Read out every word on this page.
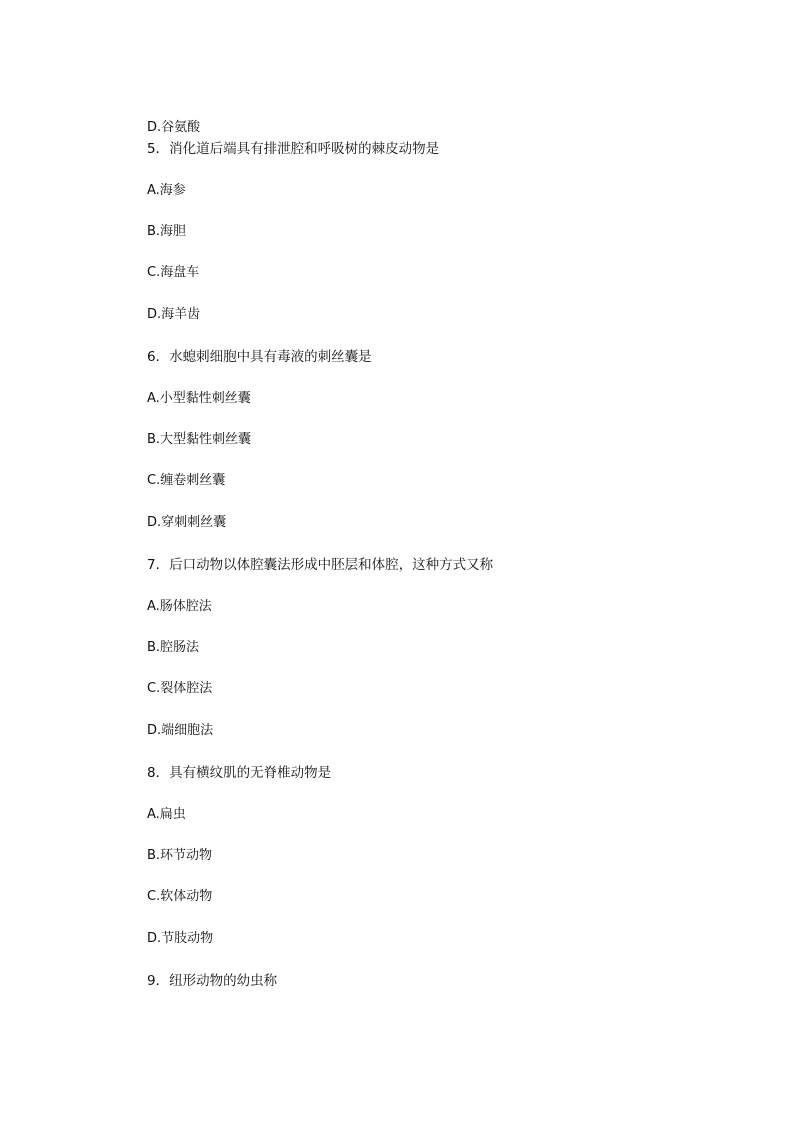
D.谷氨酸
5．消化道后端具有排泄腔和呼吸树的棘皮动物是
A.海参
B.海胆
C.海盘车
D.海羊齿
6．水螅刺细胞中具有毒液的刺丝囊是
A.小型黏性刺丝囊
B.大型黏性刺丝囊
C.缠卷刺丝囊
D.穿刺刺丝囊
7．后口动物以体腔囊法形成中胚层和体腔，这种方式又称
A.肠体腔法
B.腔肠法
C.裂体腔法
D.端细胞法
8．具有横纹肌的无脊椎动物是
A.扁虫
B.环节动物
C.软体动物
D.节肢动物
9．纽形动物的幼虫称
